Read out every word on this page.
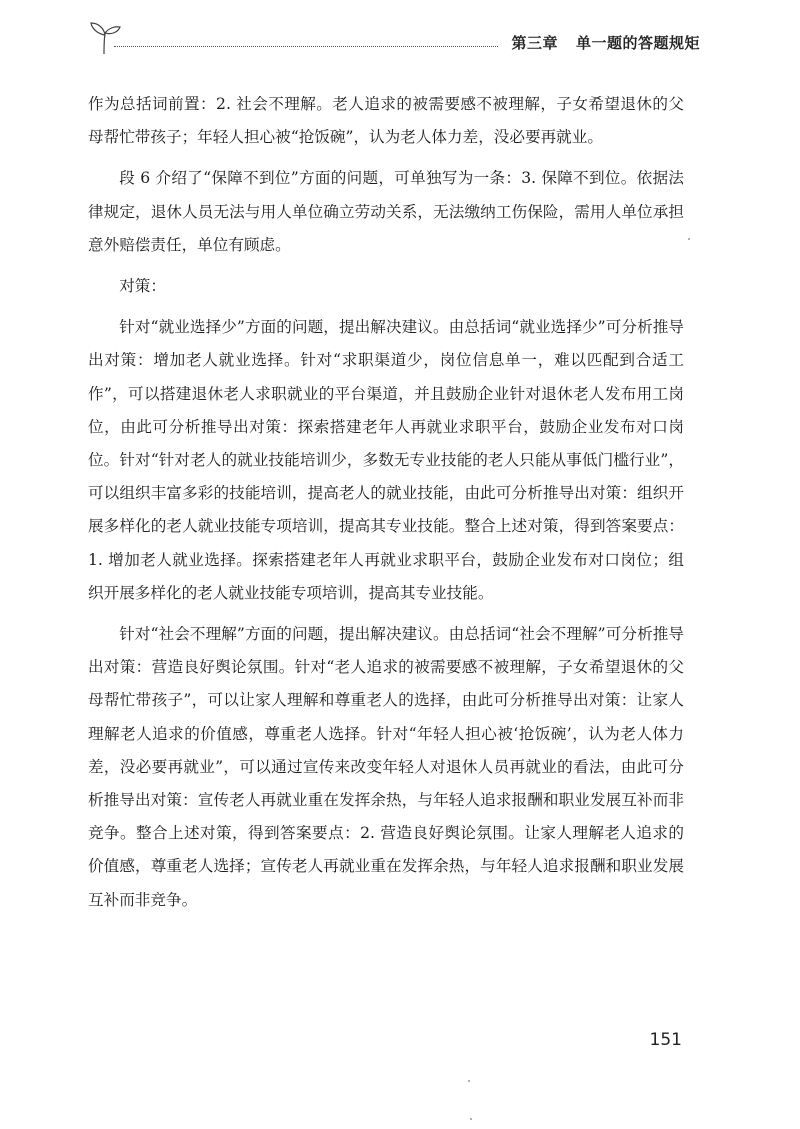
第三章 单一题的答题规矩

作为总括词前置：2. 社会不理解。老人追求的被需要感不被理解，子女希望退休的父母帮忙带孩子；年轻人担心被“抢饭碗”，认为老人体力差，没必要再就业。

段 6 介绍了“保障不到位”方面的问题，可单独写为一条：3. 保障不到位。依据法律规定，退休人员无法与用人单位确立劳动关系，无法缴纳工伤保险，需用人单位承担意外赔偿责任，单位有顾虑。

对策：

针对“就业选择少”方面的问题，提出解决建议。由总括词“就业选择少”可分析推导出对策：增加老人就业选择。针对“求职渠道少，岗位信息单一，难以匹配到合适工作”，可以搭建退休老人求职就业的平台渠道，并且鼓励企业针对退休老人发布用工岗位，由此可分析推导出对策：探索搭建老年人再就业求职平台，鼓励企业发布对口岗位。针对“针对老人的就业技能培训少，多数无专业技能的老人只能从事低门槛行业”，可以组织丰富多彩的技能培训，提高老人的就业技能，由此可分析推导出对策：组织开展多样化的老人就业技能专项培训，提高其专业技能。整合上述对策，得到答案要点：1. 增加老人就业选择。探索搭建老年人再就业求职平台，鼓励企业发布对口岗位；组织开展多样化的老人就业技能专项培训，提高其专业技能。

针对“社会不理解”方面的问题，提出解决建议。由总括词“社会不理解”可分析推导出对策：营造良好舆论氛围。针对“老人追求的被需要感不被理解，子女希望退休的父母帮忙带孩子”，可以让家人理解和尊重老人的选择，由此可分析推导出对策：让家人理解老人追求的价值感，尊重老人选择。针对“年轻人担心被‘抢饭碗’，认为老人体力差，没必要再就业”，可以通过宣传来改变年轻人对退休人员再就业的看法，由此可分析推导出对策：宣传老人再就业重在发挥余热，与年轻人追求报酬和职业发展互补而非竞争。整合上述对策，得到答案要点：2. 营造良好舆论氛围。让家人理解老人追求的价值感，尊重老人选择；宣传老人再就业重在发挥余热，与年轻人追求报酬和职业发展互补而非竞争。

151
